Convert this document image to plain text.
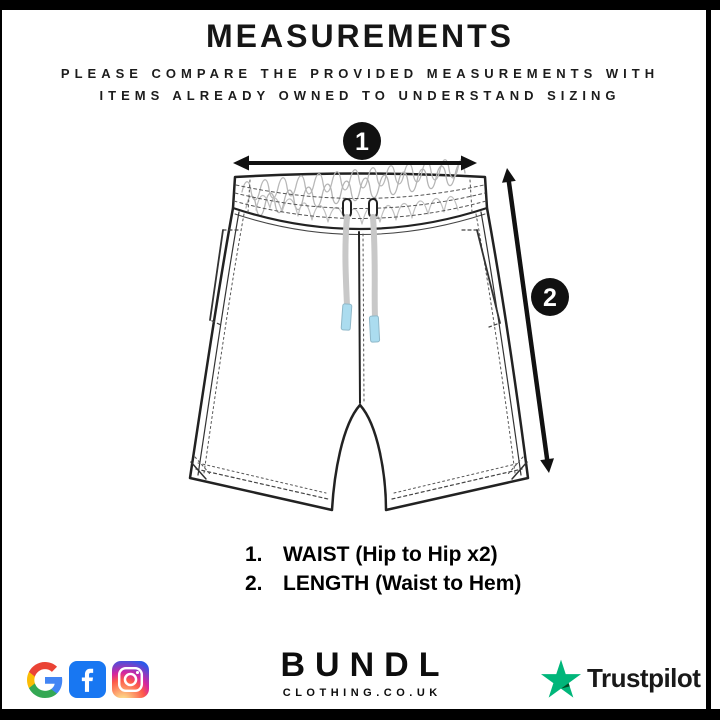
MEASUREMENTS
PLEASE COMPARE THE PROVIDED MEASUREMENTS WITH
ITEMS ALREADY OWNED TO UNDERSTAND SIZING
1
2
1. WAIST (Hip to Hip x2)
2. LENGTH (Waist to Hem)
BUNDL
CLOTHING.CO.UK	Trustpilot
